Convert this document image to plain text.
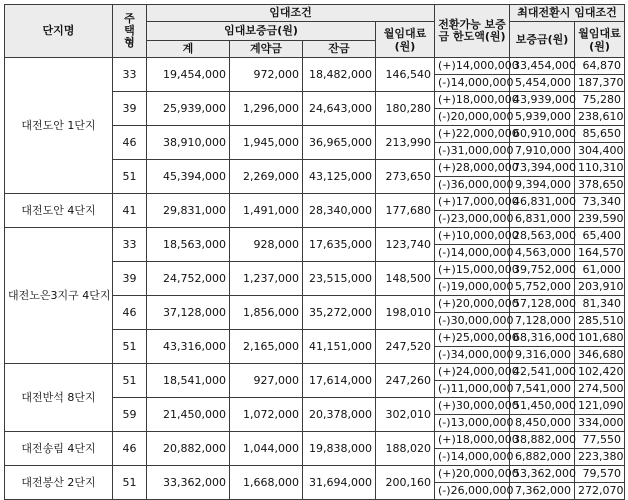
단지명	주택형	임대조건				전환가능 보증금 한도액(원)	최대전환시 임대조건	
		임대보증금(원)			월임대료(원)		보증금(원)	월임대료(원)
		계	계약금	잔금				
대전도안 1단지	33	19,454,000	972,000	18,482,000	146,540	(+)14,000,000	33,454,000	64,870
						(-)14,000,000	5,454,000	187,370
	39	25,939,000	1,296,000	24,643,000	180,280	(+)18,000,000	43,939,000	75,280
						(-)20,000,000	5,939,000	238,610
	46	38,910,000	1,945,000	36,965,000	213,990	(+)22,000,000	60,910,000	85,650
						(-)31,000,000	7,910,000	304,400
	51	45,394,000	2,269,000	43,125,000	273,650	(+)28,000,000	73,394,000	110,310
						(-)36,000,000	9,394,000	378,650
대전도안 4단지	41	29,831,000	1,491,000	28,340,000	177,680	(+)17,000,000	46,831,000	73,340
						(-)23,000,000	6,831,000	239,590
대전노은3지구 4단지	33	18,563,000	928,000	17,635,000	123,740	(+)10,000,000	28,563,000	65,400
						(-)14,000,000	4,563,000	164,570
	39	24,752,000	1,237,000	23,515,000	148,500	(+)15,000,000	39,752,000	61,000
						(-)19,000,000	5,752,000	203,910
	46	37,128,000	1,856,000	35,272,000	198,010	(+)20,000,000	57,128,000	81,340
						(-)30,000,000	7,128,000	285,510
	51	43,316,000	2,165,000	41,151,000	247,520	(+)25,000,000	68,316,000	101,680
						(-)34,000,000	9,316,000	346,680
대전반석 8단지	51	18,541,000	927,000	17,614,000	247,260	(+)24,000,000	42,541,000	102,420
						(-)11,000,000	7,541,000	274,500
	59	21,450,000	1,072,000	20,378,000	302,010	(+)30,000,000	51,450,000	121,090
						(-)13,000,000	8,450,000	334,000
대전송림 4단지	46	20,882,000	1,044,000	19,838,000	188,020	(+)18,000,000	38,882,000	77,550
						(-)14,000,000	6,882,000	223,380
대전봉산 2단지	51	33,362,000	1,668,000	31,694,000	200,160	(+)20,000,000	53,362,000	79,570
						(-)26,000,000	7,362,000	272,070
